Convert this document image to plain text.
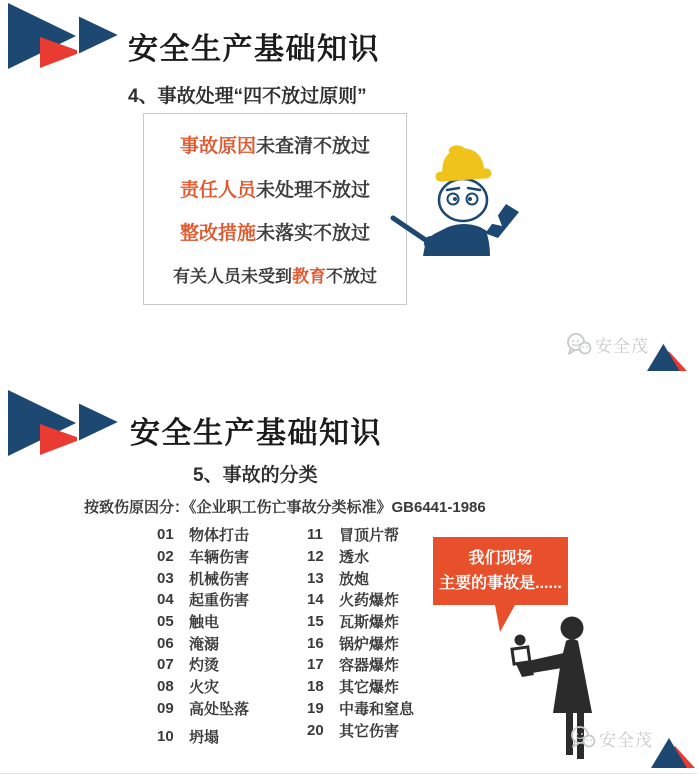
安全生产基础知识
4、事故处理“四不放过原则”
事故原因未查清不放过
责任人员未处理不放过
整改措施未落实不放过
有关人员未受到教育不放过
安全茂
安全生产基础知识
5、事故的分类
按致伤原因分：《企业职工伤亡事故分类标准》GB6441-1986
01	物体打击
02	车辆伤害
03	机械伤害
04	起重伤害
05	触电
06	淹溺
07	灼烫
08	火灾
09	高处坠落
10	坍塌
11	冒顶片帮
12	透水
13	放炮
14	火药爆炸
15	瓦斯爆炸
16	锅炉爆炸
17	容器爆炸
18	其它爆炸
19	中毒和窒息
20	其它伤害
我们现场
主要的事故是......
安全茂
